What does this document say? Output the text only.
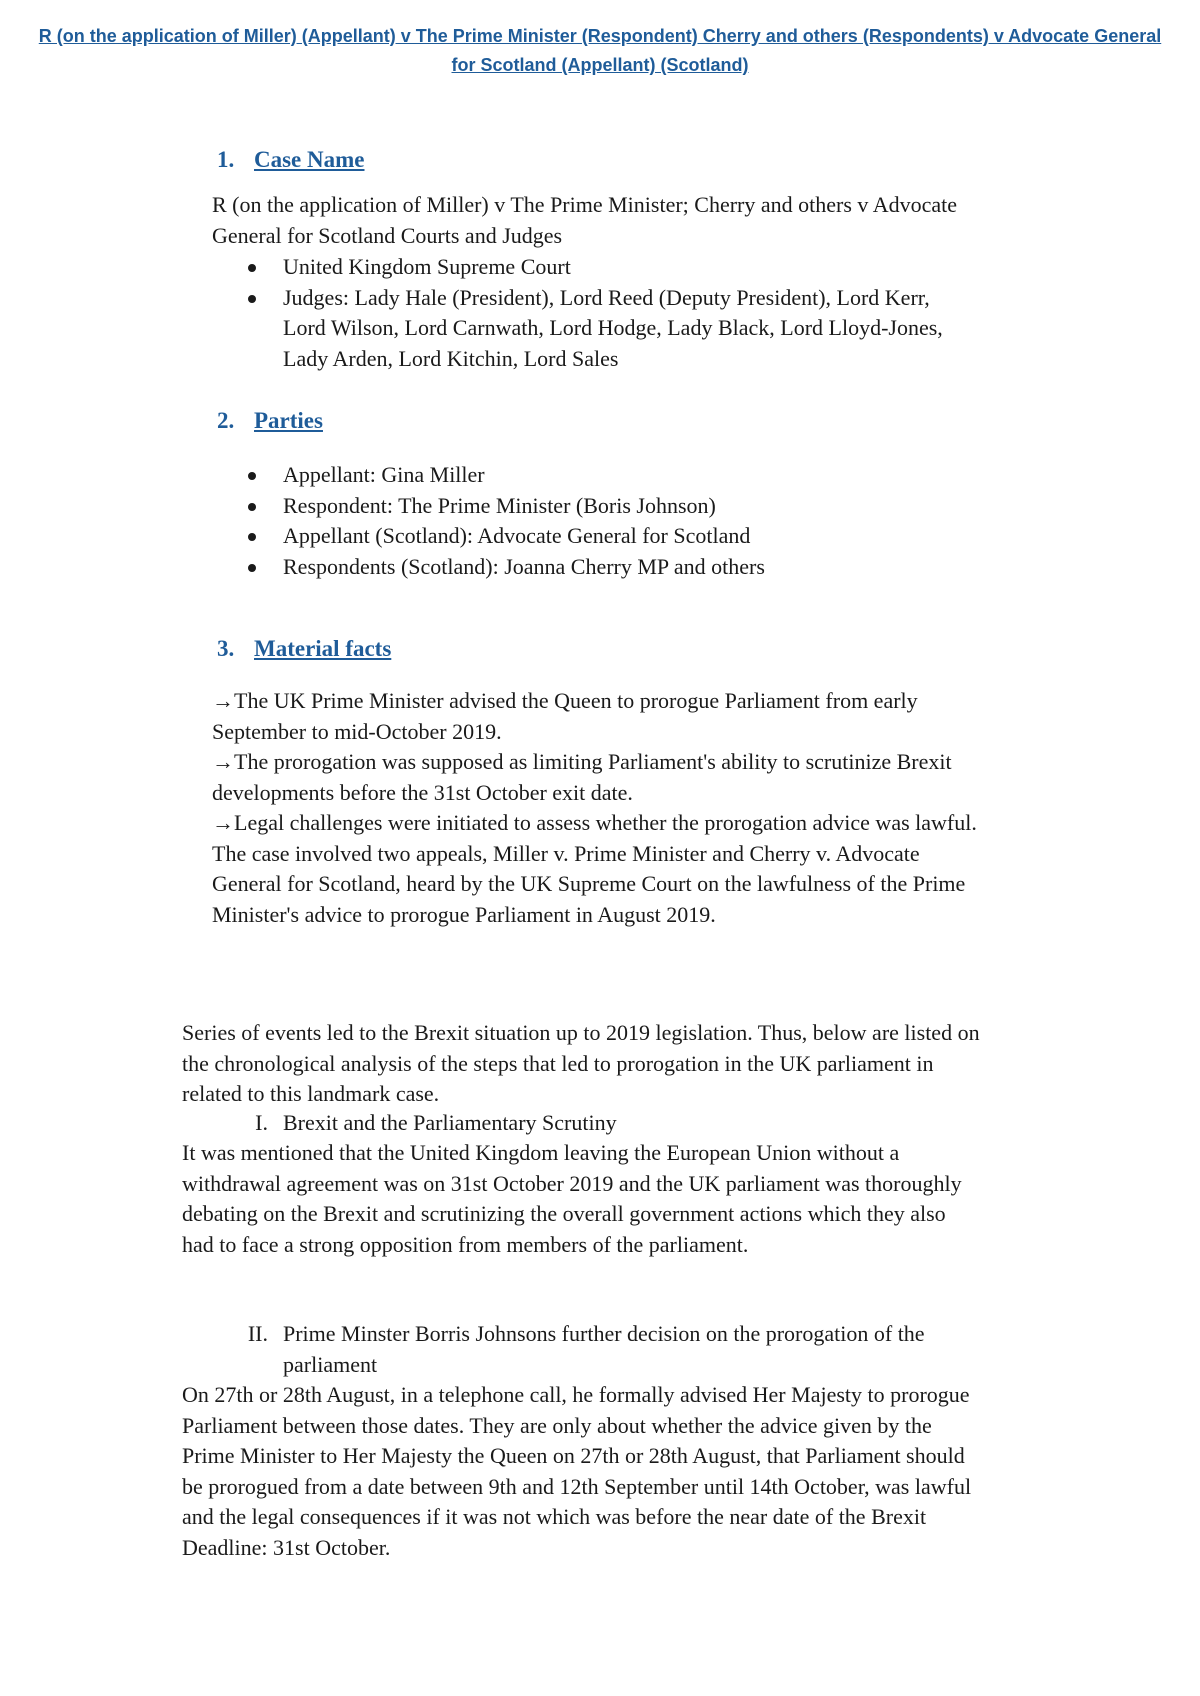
R (on the application of Miller) (Appellant) v The Prime Minister (Respondent) Cherry and others (Respondents) v Advocate General for Scotland (Appellant) (Scotland)
1. Case Name

R (on the application of Miller) v The Prime Minister; Cherry and others v Advocate General for Scotland Courts and Judges

United Kingdom Supreme Court
Judges: Lady Hale (President), Lord Reed (Deputy President), Lord Kerr, Lord Wilson, Lord Carnwath, Lord Hodge, Lady Black, Lord Lloyd-Jones, Lady Arden, Lord Kitchin, Lord Sales
2. Parties
Appellant: Gina Miller
Respondent: The Prime Minister (Boris Johnson)
Appellant (Scotland): Advocate General for Scotland
Respondents (Scotland): Joanna Cherry MP and others
3. Material facts

→The UK Prime Minister advised the Queen to prorogue Parliament from early September to mid-October 2019.
→The prorogation was supposed as limiting Parliament's ability to scrutinize Brexit developments before the 31st October exit date.
→Legal challenges were initiated to assess whether the prorogation advice was lawful.
The case involved two appeals, Miller v. Prime Minister and Cherry v. Advocate General for Scotland, heard by the UK Supreme Court on the lawfulness of the Prime Minister's advice to prorogue Parliament in August 2019.

Series of events led to the Brexit situation up to 2019 legislation. Thus, below are listed on the chronological analysis of the steps that led to prorogation in the UK parliament in related to this landmark case.

I. Brexit and the Parliamentary Scrutiny

It was mentioned that the United Kingdom leaving the European Union without a withdrawal agreement was on 31st October 2019 and the UK parliament was thoroughly debating on the Brexit and scrutinizing the overall government actions which they also had to face a strong opposition from members of the parliament.

II. Prime Minster Borris Johnsons further decision on the prorogation of the parliament

On 27th or 28th August, in a telephone call, he formally advised Her Majesty to prorogue Parliament between those dates. They are only about whether the advice given by the Prime Minister to Her Majesty the Queen on 27th or 28th August, that Parliament should be prorogued from a date between 9th and 12th September until 14th October, was lawful and the legal consequences if it was not which was before the near date of the Brexit Deadline: 31st October.
